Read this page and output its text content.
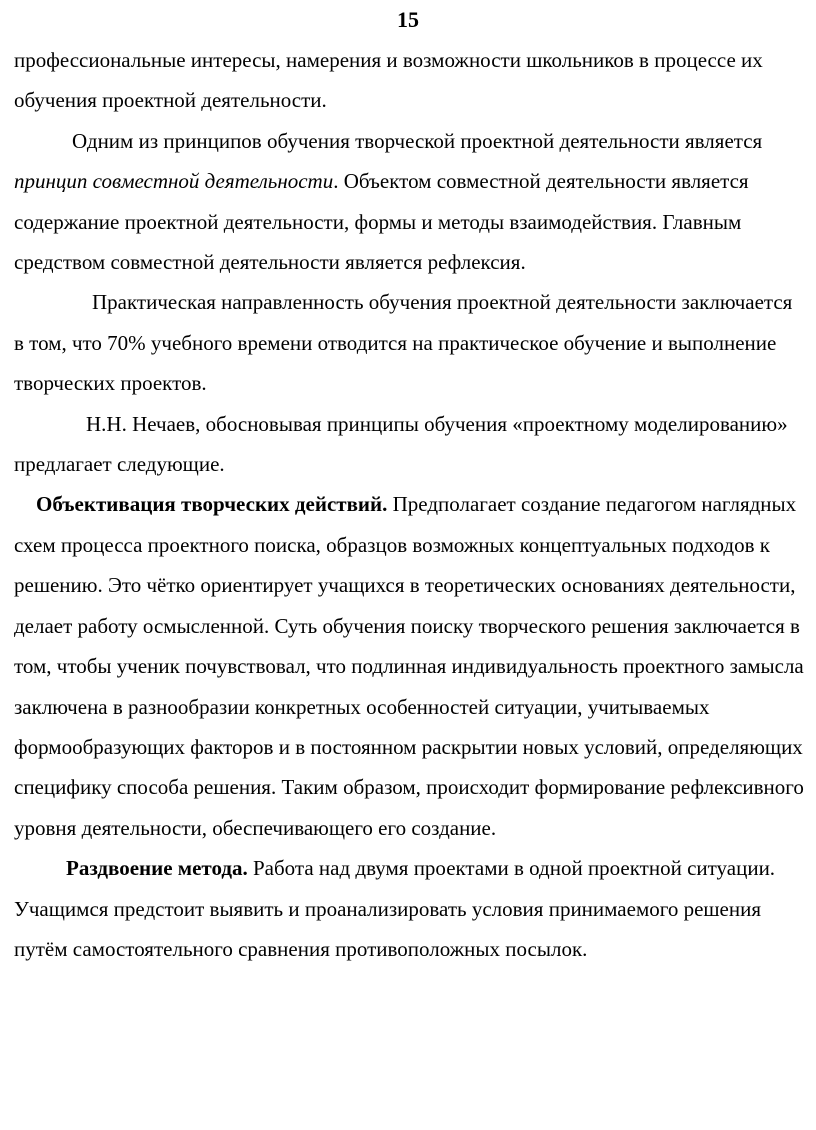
15

профессиональные интересы, намерения и возможности школьников в процессе их обучения проектной деятельности.

Одним из принципов обучения творческой проектной деятельности является принцип совместной деятельности. Объектом совместной деятельности является содержание проектной деятельности, формы и методы взаимодействия. Главным средством совместной деятельности является рефлексия.

Практическая направленность обучения проектной деятельности заключается в том, что 70% учебного времени отводится на практическое обучение и выполнение творческих проектов.

Н.Н. Нечаев, обосновывая принципы обучения «проектному моделированию» предлагает следующие.

Объективация творческих действий. Предполагает создание педагогом наглядных схем процесса проектного поиска, образцов возможных концептуальных подходов к решению. Это чётко ориентирует учащихся в теоретических основаниях деятельности, делает работу осмысленной. Суть обучения поиску творческого решения заключается в том, чтобы ученик почувствовал, что подлинная индивидуальность проектного замысла заключена в разнообразии конкретных особенностей ситуации, учитываемых формообразующих факторов и в постоянном раскрытии новых условий, определяющих специфику способа решения. Таким образом, происходит формирование рефлексивного уровня деятельности, обеспечивающего его создание.

Раздвоение метода. Работа над двумя проектами в одной проектной ситуации. Учащимся предстоит выявить и проанализировать условия принимаемого решения путём самостоятельного сравнения противоположных посылок.
